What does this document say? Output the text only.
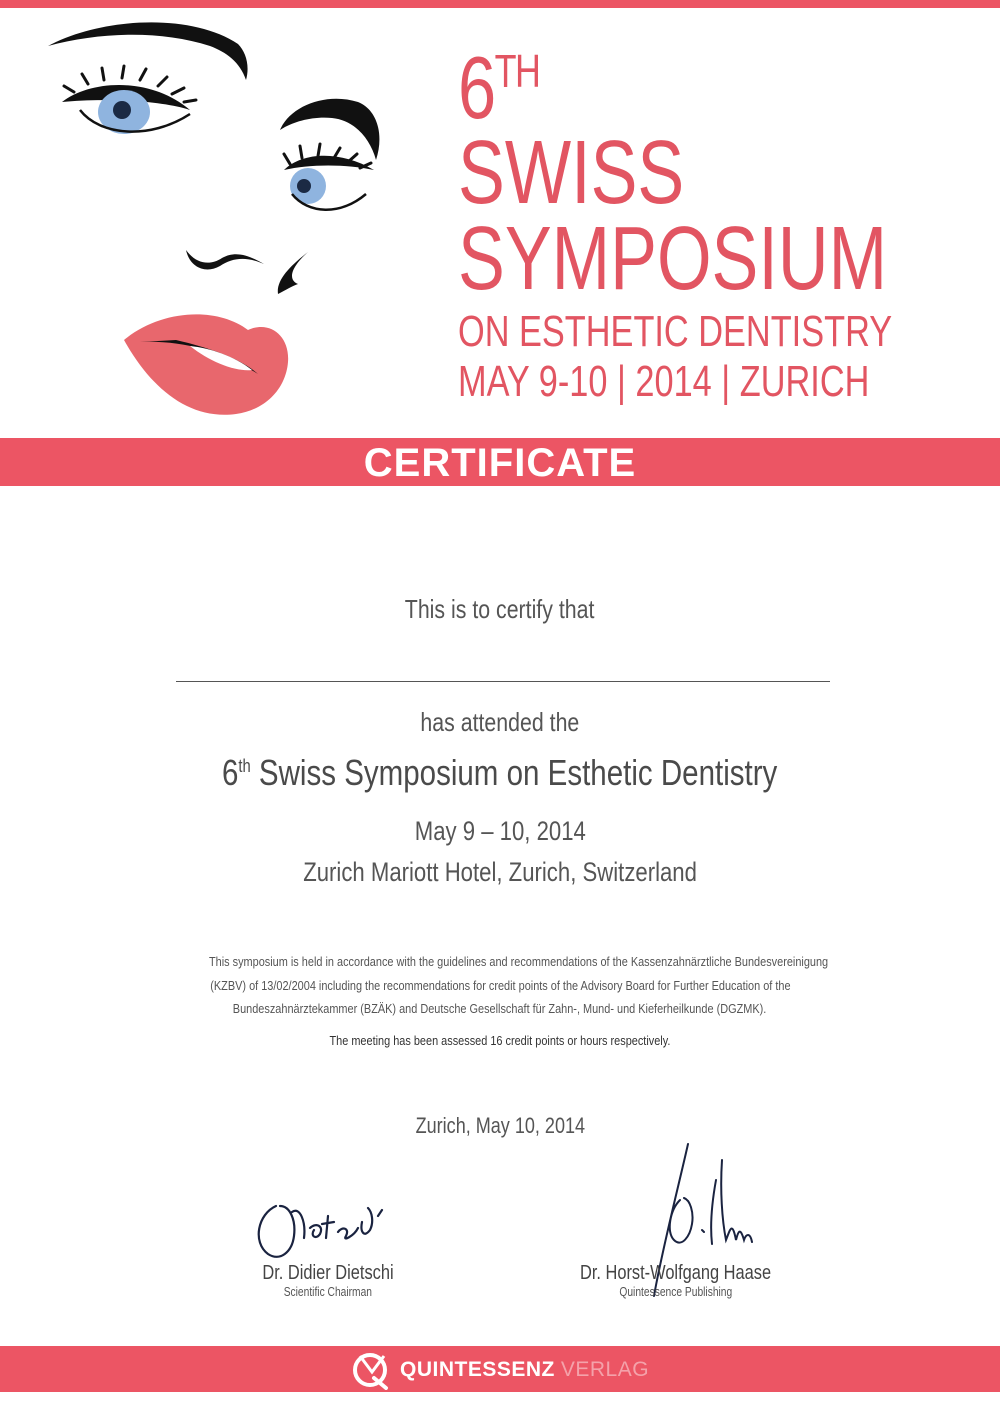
6TH
SWISS
SYMPOSIUM
ON ESTHETIC DENTISTRY
MAY 9-10 | 2014 | ZURICH
CERTIFICATE
This is to certify that
has attended the
6th Swiss Symposium on Esthetic Dentistry
May 9 – 10, 2014
Zurich Mariott Hotel, Zurich, Switzerland
This symposium is held in accordance with the guidelines and recommendations of the Kassenzahnärztliche Bundesvereinigung
(KZBV) of 13/02/2004 including the recommendations for credit points of the Advisory Board for Further Education of the
Bundeszahnärztekammer (BZÄK) and Deutsche Gesellschaft für Zahn-, Mund- und Kieferheilkunde (DGZMK).
The meeting has been assessed 16 credit points or hours respectively.
Zurich, May 10, 2014
Dr. Didier Dietschi
Scientific Chairman
Dr. Horst-Wolfgang Haase
Quintessence Publishing
QUINTESSENZ VERLAG
